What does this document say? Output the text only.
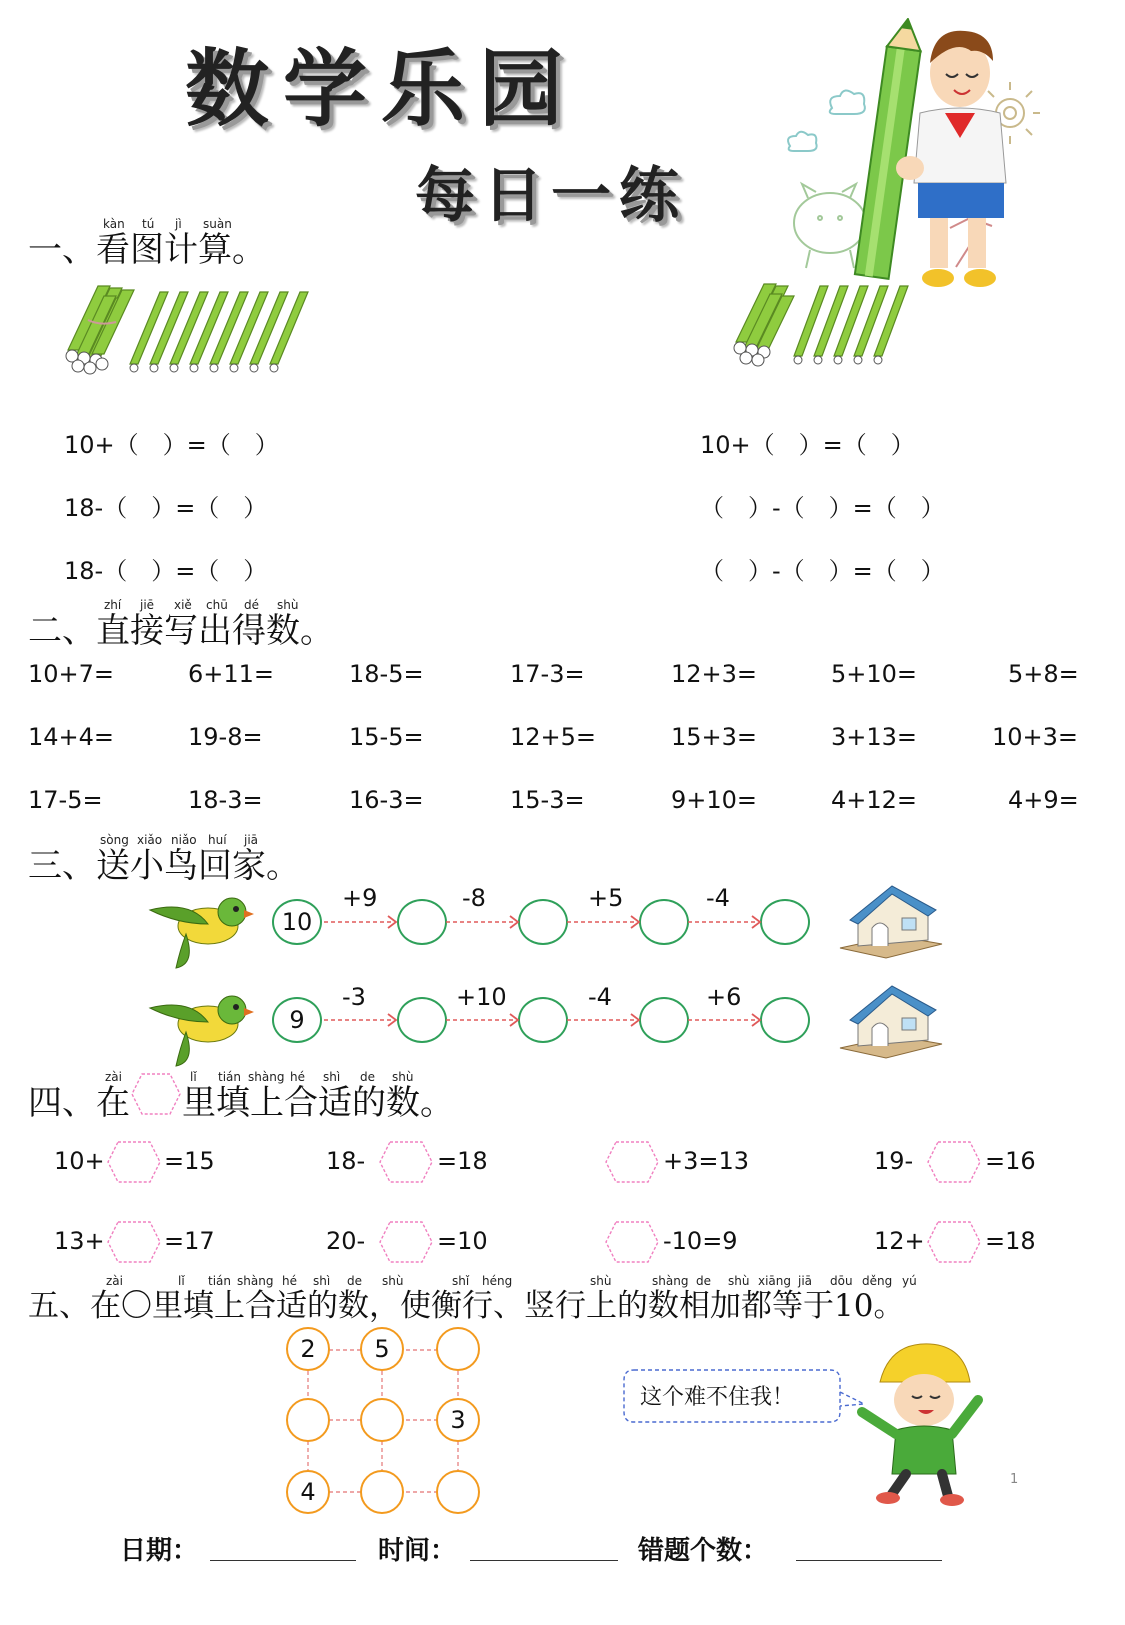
数学乐园
每日一练
一、看图计算。
kàn tú jì suàn
10+（　）=（　）
18-（　）=（　）
18-（　）=（　）
10+（　）=（　）
（　）-（　）=（　）
（　）-（　）=（　）
二、直接写出得数。
zhí jiē xiě chū dé shù
10+7=	6+11=	18-5=	17-3=	12+3=	5+10=	5+8=
14+4=	19-8=	15-5=	12+5=	15+3=	3+13=	10+3=
17-5=	18-3=	16-3=	15-3=	9+10=	4+12=	4+9=
三、送小鸟回家。
sòng xiǎo niǎo huí jiā
10
+9	-8	+5	-4
9
-3	+10	-4	+6
四、在 里填上合适的数。
zài	lǐ tián shàng hé shì de shù
10+ =15	18-	=18	+3=13	19-	=16
13+ =17	20-	=10	-10=9	12+	=18
五、在〇里填上合适的数，使衡行、竖行上的数相加都等于10。
zài	lǐ tián shàng hé shì de shù	shǐ héng	shù	shàng de shù xiāng jiā dōu děng yú
2	5
3
4
这个难不住我！
1
日期：	时间：	错题个数：
